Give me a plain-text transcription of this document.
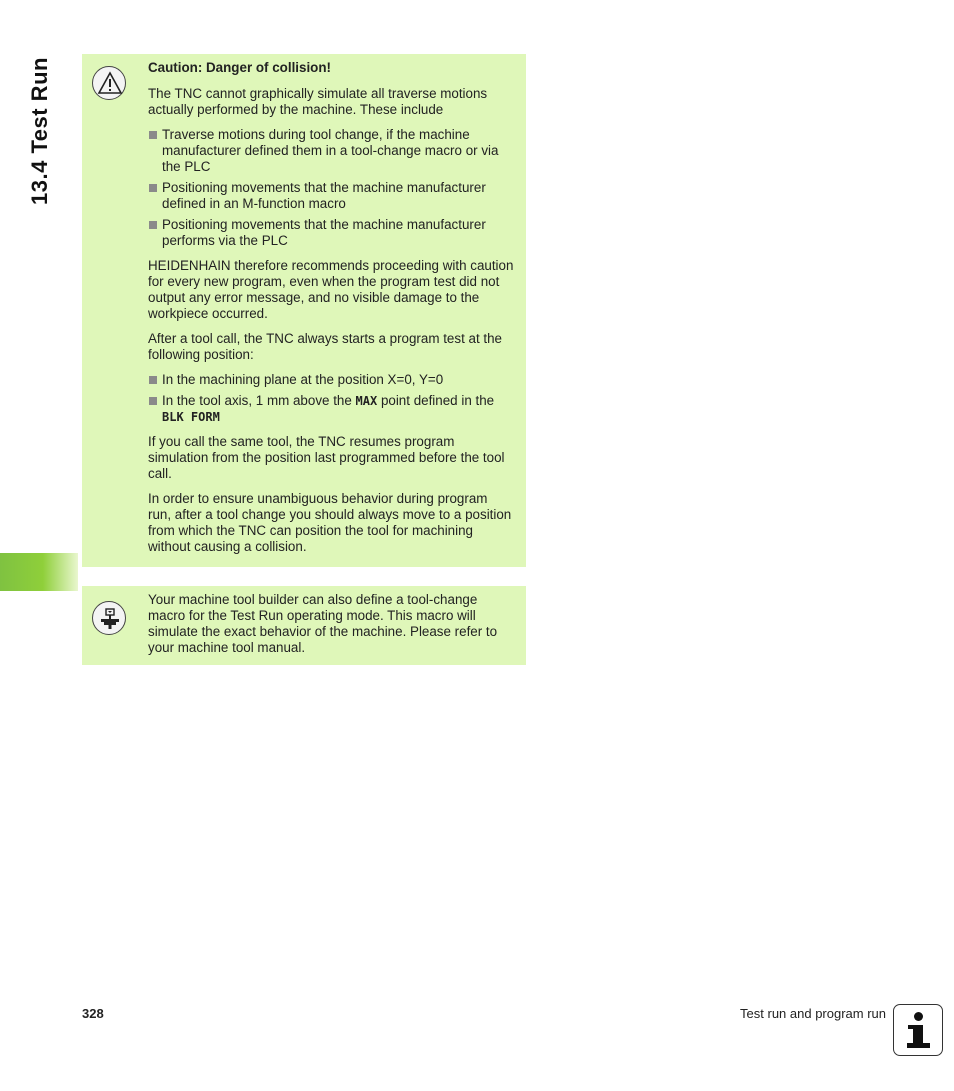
13.4 Test Run	Caution: Danger of collision!

The TNC cannot graphically simulate all traverse motions actually performed by the machine. These include

Traverse motions during tool change, if the machine manufacturer defined them in a tool-change macro or via the PLC
Positioning movements that the machine manufacturer defined in an M-function macro
Positioning movements that the machine manufacturer performs via the PLC

HEIDENHAIN therefore recommends proceeding with caution for every new program, even when the program test did not output any error message, and no visible damage to the workpiece occurred.

After a tool call, the TNC always starts a program test at the following position:

In the machining plane at the position X=0, Y=0
In the tool axis, 1 mm above the MAX point defined in the
BLK FORM

If you call the same tool, the TNC resumes program simulation from the position last programmed before the tool call.

In order to ensure unambiguous behavior during program run, after a tool change you should always move to a position from which the TNC can position the tool for machining without causing a collision.

Your machine tool builder can also define a tool-change macro for the Test Run operating mode. This macro will simulate the exact behavior of the machine. Please refer to your machine tool manual.

328	Test run and program run
